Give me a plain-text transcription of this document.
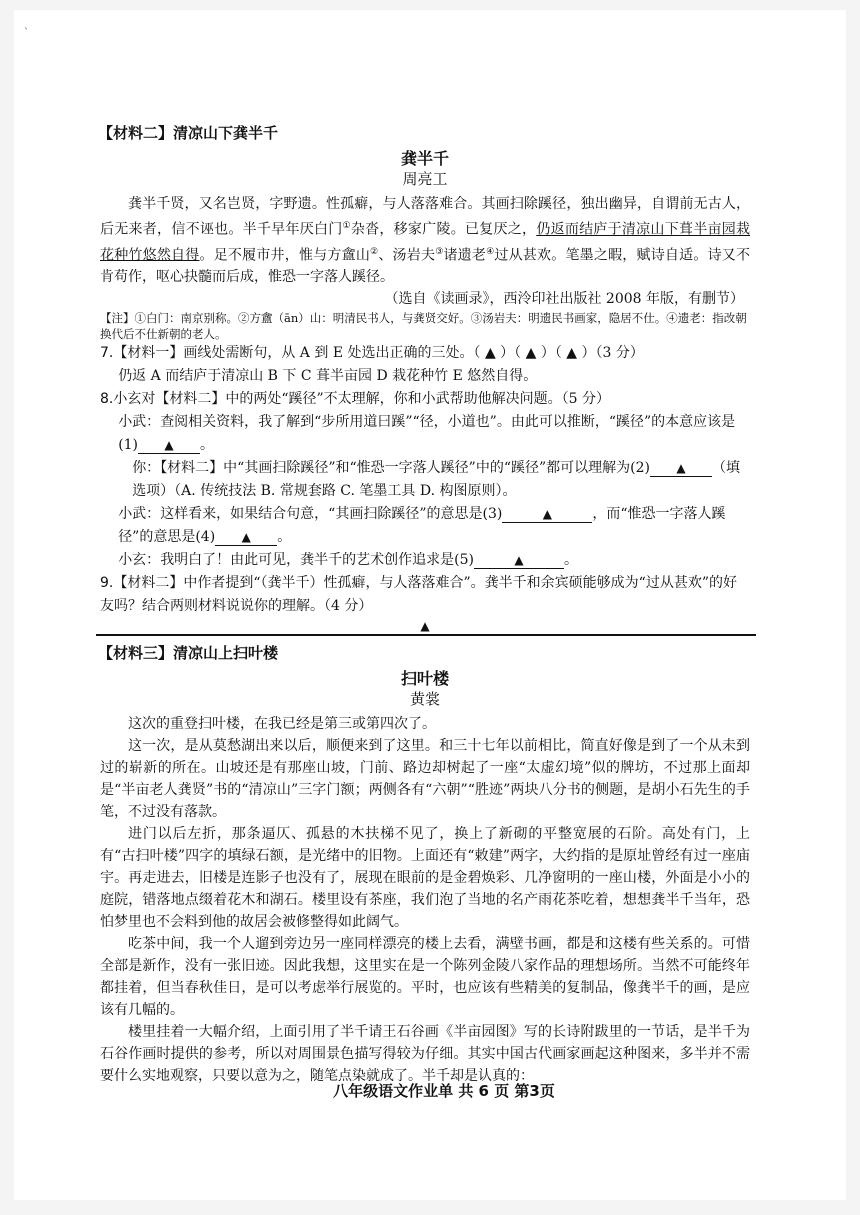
`
【材料二】清凉山下龚半千

龚半千

周亮工

龚半千贤，又名岂贤，字野遗。性孤癖，与人落落难合。其画扫除蹊径，独出幽异，自谓前无古人，后无来者，信不诬也。半千早年厌白门①杂沓，移家广陵。已复厌之，仍返而结庐于清凉山下葺半亩园栽花种竹悠然自得。足不履市井，惟与方盦山②、汤岩夫③诸遗老④过从甚欢。笔墨之暇，赋诗自适。诗又不肯苟作，呕心抉髓而后成，惟恐一字落人蹊径。

（选自《读画录》，西泠印社出版社 2008 年版，有删节）

【注】①白门：南京别称。②方盦（ān）山：明清民书人，与龚贤交好。③汤岩夫：明遗民书画家，隐居不仕。④遗老：指改朝换代后不仕新朝的老人。

7.【材料一】画线处需断句，从 A 到 E 处选出正确的三处。（ ▲ ）（ ▲ ）（ ▲ ）（3 分）

仍返 A 而结庐于清凉山 B 下 C 葺半亩园 D 栽花种竹 E 悠然自得。

8.小玄对【材料二】中的两处“蹊径”不太理解，你和小武帮助他解决问题。（5 分）

小武：查阅相关资料，我了解到“步所用道曰蹊”“径，小道也”。由此可以推断，“蹊径”的本意应该是(1) ▲ 。

你：【材料二】中“其画扫除蹊径”和“惟恐一字落人蹊径”中的“蹊径”都可以理解为(2) ▲ （填选项）（A. 传统技法 B. 常规套路 C. 笔墨工具 D. 构图原则）。

小武：这样看来，如果结合句意，“其画扫除蹊径”的意思是(3)	▲	，而“惟恐一字落人蹊径”的意思是(4) ▲ 。

小玄：我明白了！由此可见，龚半千的艺术创作追求是(5)	▲	。

9.【材料二】中作者提到“（龚半千）性孤癖，与人落落难合”。龚半千和余宾硕能够成为“过从甚欢”的好友吗？结合两则材料说说你的理解。（4 分）

▲
【材料三】清凉山上扫叶楼

扫叶楼

黄裳

这次的重登扫叶楼，在我已经是第三或第四次了。

这一次，是从莫愁湖出来以后，顺便来到了这里。和三十七年以前相比，简直好像是到了一个从未到过的崭新的所在。山坡还是有那座山坡，门前、路边却树起了一座“太虚幻境”似的牌坊，不过那上面却是“半亩老人龚贤”书的“清凉山”三字门额；两侧各有“六朝”“胜迹”两块八分书的侧题，是胡小石先生的手笔，不过没有落款。

进门以后左折，那条逼仄、孤悬的木扶梯不见了，换上了新砌的平整宽展的石阶。高处有门，上有“古扫叶楼”四字的填绿石额，是光绪中的旧物。上面还有“敕建”两字，大约指的是原址曾经有过一座庙宇。再走进去，旧楼是连影子也没有了，展现在眼前的是金碧焕彩、几净窗明的一座山楼，外面是小小的庭院，错落地点缀着花木和湖石。楼里设有茶座，我们泡了当地的名产雨花茶吃着，想想龚半千当年，恐怕梦里也不会料到他的故居会被修整得如此阔气。

吃茶中间，我一个人遛到旁边另一座同样漂亮的楼上去看，满壁书画，都是和这楼有些关系的。可惜全部是新作，没有一张旧迹。因此我想，这里实在是一个陈列金陵八家作品的理想场所。当然不可能终年都挂着，但当春秋佳日，是可以考虑举行展览的。平时，也应该有些精美的复制品，像龚半千的画，是应该有几幅的。

楼里挂着一大幅介绍，上面引用了半千请王石谷画《半亩园图》写的长诗附跋里的一节话，是半千为石谷作画时提供的参考，所以对周围景色描写得较为仔细。其实中国古代画家画起这种图来，多半并不需要什么实地观察，只要以意为之，随笔点染就成了。半千却是认真的：

八年级语文作业单 共 6 页 第3页
